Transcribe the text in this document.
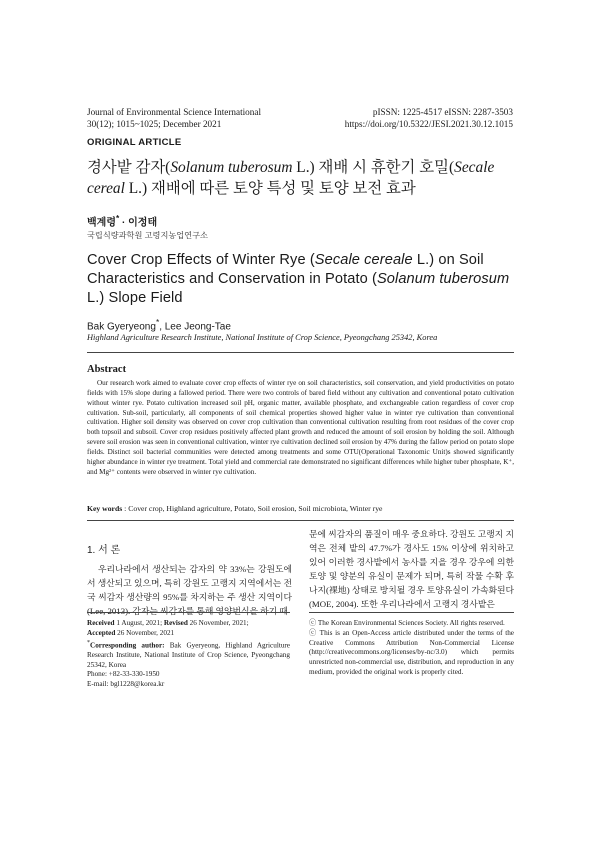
Journal of Environmental Science International
30(12); 1015~1025; December 2021
pISSN: 1225-4517 eISSN: 2287-3503
https://doi.org/10.5322/JESI.2021.30.12.1015
ORIGINAL ARTICLE
경사밭 감자(Solanum tuberosum L.) 재배 시 휴한기 호밀(Secale cereal L.) 재배에 따른 토양 특성 및 토양 보전 효과
백계령* · 이정태
국립식량과학원 고령지농업연구소
Cover Crop Effects of Winter Rye (Secale cereale L.) on Soil Characteristics and Conservation in Potato (Solanum tuberosum L.) Slope Field
Bak Gyeryeong*, Lee Jeong-Tae
Highland Agriculture Research Institute, National Institute of Crop Science, Pyeongchang 25342, Korea
Abstract
Our research work aimed to evaluate cover crop effects of winter rye on soil characteristics, soil conservation, and yield productivities on potato fields with 15% slope during a fallowed period. There were two controls of bared field without any cultivation and conventional potato cultivation without winter rye. Potato cultivation increased soil pH, organic matter, available phosphate, and exchangeable cation regardless of cover crop cultivation. Sub-soil, particularly, all components of soil chemical properties showed higher value in winter rye cultivation than conventional cultivation. Higher soil density was observed on cover crop cultivation than conventional cultivation resulting from root residues of the cover crop both topsoil and subsoil. Cover crop residues positively affected plant growth and reduced the amount of soil erosion by holding the soil. Although severe soil erosion was seen in conventional cultivation, winter rye cultivation declined soil erosion by 47% during the fallow period on potato slope fields. Distinct soil bacterial communities were detected among treatments and some OTU(Operational Taxonomic Unit)s showed significantly higher abundance in winter rye treatment. Total yield and commercial rate demonstrated no significant differences while higher tuber phosphate, K⁺, and Mg²⁺ contents were observed in winter rye cultivation.
Key words : Cover crop, Highland agriculture, Potato, Soil erosion, Soil microbiota, Winter rye
1. 서 론

우리나라에서 생산되는 감자의 약 33%는 강원도에서 생산되고 있으며, 특히 강원도 고랭지 지역에서는 전국 씨감자 생산량의 95%를 차지하는 주 생산 지역이다 (Lee, 2013). 감자는 씨감자를 통해 영양번식을 하기 때

문에 씨감자의 품질이 매우 중요하다. 강원도 고랭지 지역은 전체 밭의 47.7%가 경사도 15% 이상에 위치하고 있어 이러한 경사밭에서 농사를 지을 경우 강우에 의한 토양 및 양분의 유실이 문제가 되며, 특히 작물 수확 후 나지(裸地) 상태로 방치될 경우 토양유실이 가속화된다 (MOE, 2004). 또한 우리나라에서 고랭지 경사밭은

Received 1 August, 2021; Revised 26 November, 2021;
Accepted 26 November, 2021
*Corresponding author: Bak Gyeryeong, Highland Agriculture Research Institute, National Institute of Crop Science, Pyeongchang 25342, Korea
Phone: +82-33-330-1950
E-mail: bgl1228@korea.kr
ⓒ The Korean Environmental Sciences Society. All rights reserved.
ⓒ This is an Open-Access article distributed under the terms of the Creative Commons Attribution Non-Commercial License (http://creativecommons.org/licenses/by-nc/3.0) which permits unrestricted non-commercial use, distribution, and reproduction in any medium, provided the original work is properly cited.
